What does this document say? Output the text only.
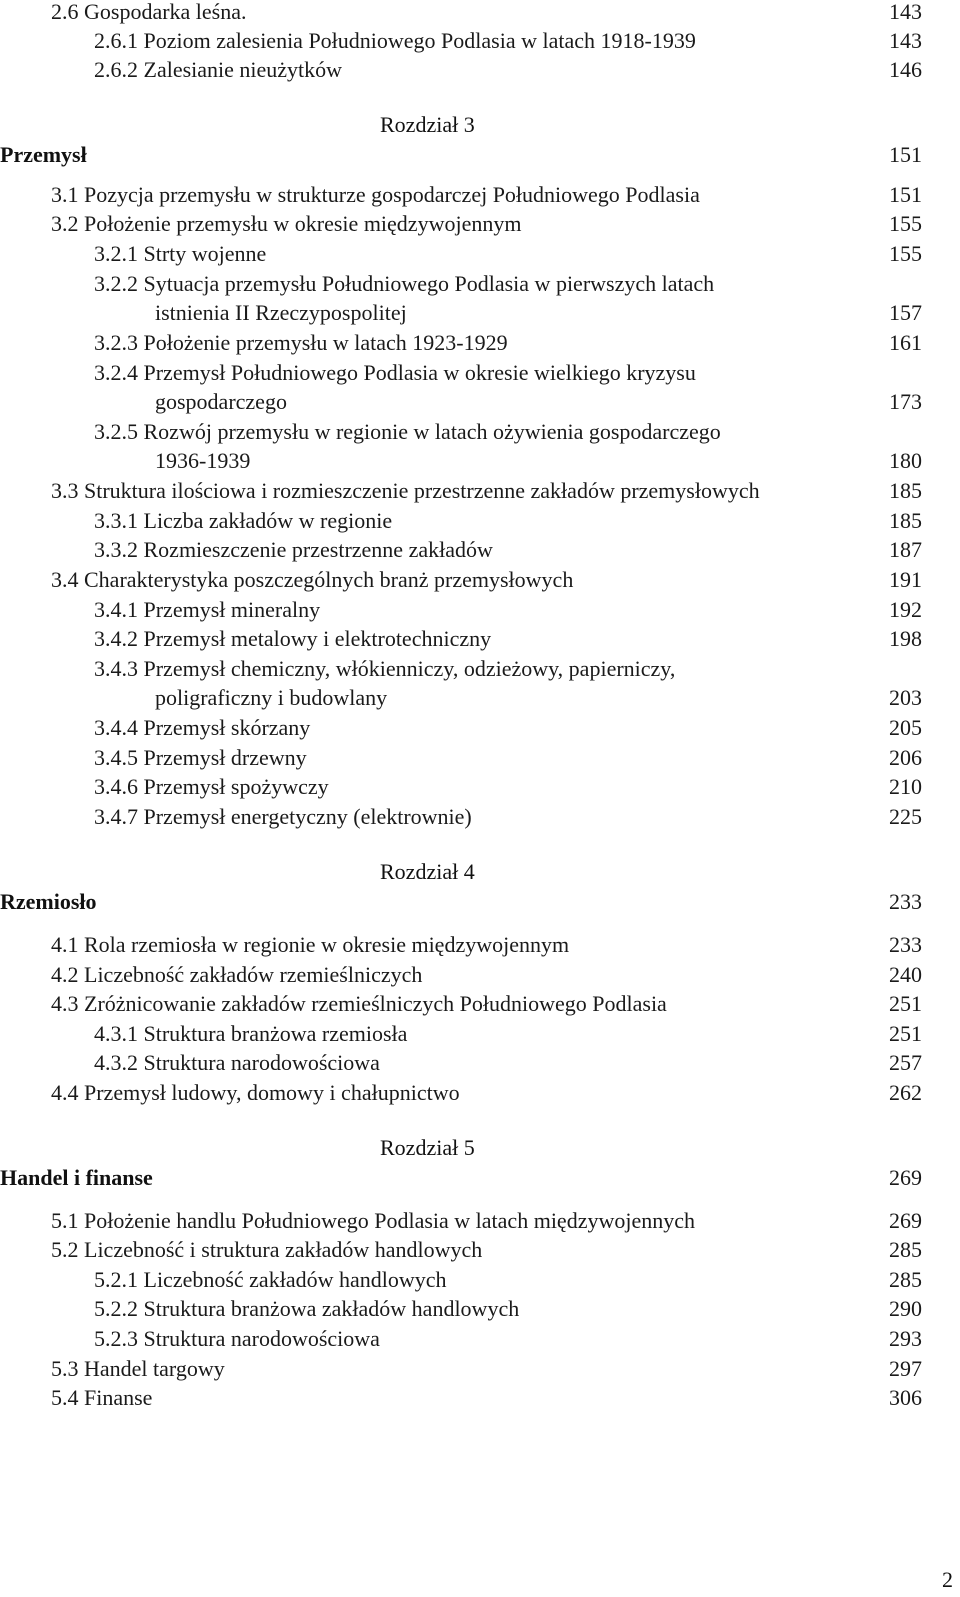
2.6 Gospodarka leśna.	143
2.6.1 Poziom zalesienia Południowego Podlasia w latach 1918-1939	143
2.6.2 Zalesianie nieużytków	146
Rozdział 3
Przemysł	151
3.1 Pozycja przemysłu w strukturze gospodarczej Południowego Podlasia	151
3.2 Położenie przemysłu w okresie międzywojennym	155
3.2.1 Strty wojenne	155
3.2.2 Sytuacja przemysłu Południowego Podlasia w pierwszych latach
istnienia II Rzeczypospolitej	157
3.2.3 Położenie przemysłu w latach 1923-1929	161
3.2.4 Przemysł Południowego Podlasia w okresie wielkiego kryzysu
gospodarczego	173
3.2.5 Rozwój przemysłu w regionie w latach ożywienia gospodarczego
1936-1939	180
3.3 Struktura ilościowa i rozmieszczenie przestrzenne zakładów przemysłowych	185
3.3.1 Liczba zakładów w regionie	185
3.3.2 Rozmieszczenie przestrzenne zakładów	187
3.4 Charakterystyka poszczególnych branż przemysłowych	191
3.4.1 Przemysł mineralny	192
3.4.2 Przemysł metalowy i elektrotechniczny	198
3.4.3 Przemysł chemiczny, włókienniczy, odzieżowy, papierniczy,
poligraficzny i budowlany	203
3.4.4 Przemysł skórzany	205
3.4.5 Przemysł drzewny	206
3.4.6 Przemysł spożywczy	210
3.4.7 Przemysł energetyczny (elektrownie)	225
Rozdział 4
Rzemiosło	233
4.1 Rola rzemiosła w regionie w okresie międzywojennym	233
4.2 Liczebność zakładów rzemieślniczych	240
4.3 Zróżnicowanie zakładów rzemieślniczych Południowego Podlasia	251
4.3.1 Struktura branżowa rzemiosła	251
4.3.2 Struktura narodowościowa	257
4.4 Przemysł ludowy, domowy i chałupnictwo	262
Rozdział 5
Handel i finanse	269
5.1 Położenie handlu Południowego Podlasia w latach międzywojennych	269
5.2 Liczebność i struktura zakładów handlowych	285
5.2.1 Liczebność zakładów handlowych	285
5.2.2 Struktura branżowa zakładów handlowych	290
5.2.3 Struktura narodowościowa	293
5.3 Handel targowy	297
5.4 Finanse	306
2
